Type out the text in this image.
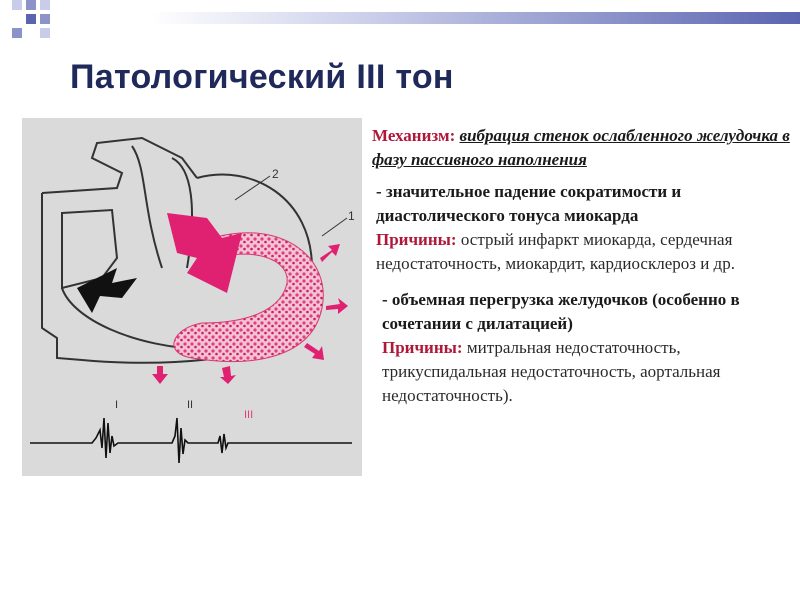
Патологический III тон
2
1
I	II
III

Механизм: вибрация стенок ослабленного желудочка в фазу пассивного наполнения

- значительное падение сократимости и диастолического тонуса миокарда

Причины: острый инфаркт миокарда, сердечная недостаточность, миокардит, кардиосклероз и др.

- объемная перегрузка желудочков (особенно в сочетании с дилатацией)

Причины: митральная недостаточность, трикуспидальная недостаточность, аортальная недостаточность).
